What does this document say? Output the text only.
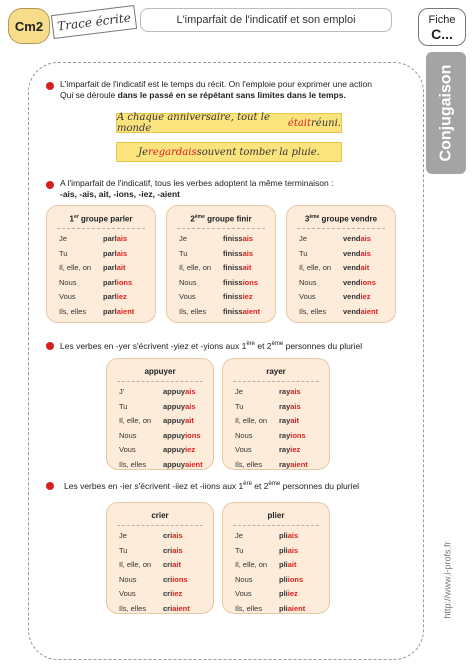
Cm2 Trace écrite	L'imparfait de l'indicatif et son emploi	Fiche
C...
Conjugaison
http://www.i-profs.fr
L'imparfait de l'indicatif est le temps du récit. On l'emploie pour exprimer une action
Qui se déroule dans le passé en se répétant sans limites dans le temps.
A chaque anniversaire, tout le monde
	était réuni.
Je regardais souvent tomber la pluie.
A l'imparfait de l'indicatif, tous les verbes adoptent la même terminaison :
-ais, -ais, ait, -ions, -iez, -aient
1er groupe parler
Je	parlais
Tu	parlais
Il, elle, on parlait
Nous	parlions
Vous	parliez
Ils, elles parlaient
2ème groupe finir
Je	finissais
Tu	finissais
Il, elle, on finissait
Nous	finissions
Vous	finissiez
Ils, elles finissaient
3ème groupe vendre
Je	vendais
Tu	vendais
Il, elle, on vendait
Nous	vendions
Vous	vendiez
Ils, elles vendaient
appuyer
J'	appuyais
Tu	appuyais
Il, elle, on appuyait
Nous	appuyions
Vous	appuyiez
Ils, elles appuyaient
rayer
Je	rayais
Tu	rayais
Il, elle, on rayait
Nous	rayions
Vous	rayiez
Ils, elles rayaient
crier
Je	criais
Tu	criais
Il, elle, on criait
Nous	criions
Vous	criiez
Ils, elles criaient
plier
Je	pliais
Tu	pliais
Il, elle, on pliait
Nous	pliions
Vous	pliiez
Ils, elles pliaient
Les verbes en -yer s'écrivent -yiez et -yions aux 1ère et 2ème personnes du pluriel
Les verbes en -ier s'écrivent -iiez et -iions aux 1ère et 2ème personnes du pluriel
